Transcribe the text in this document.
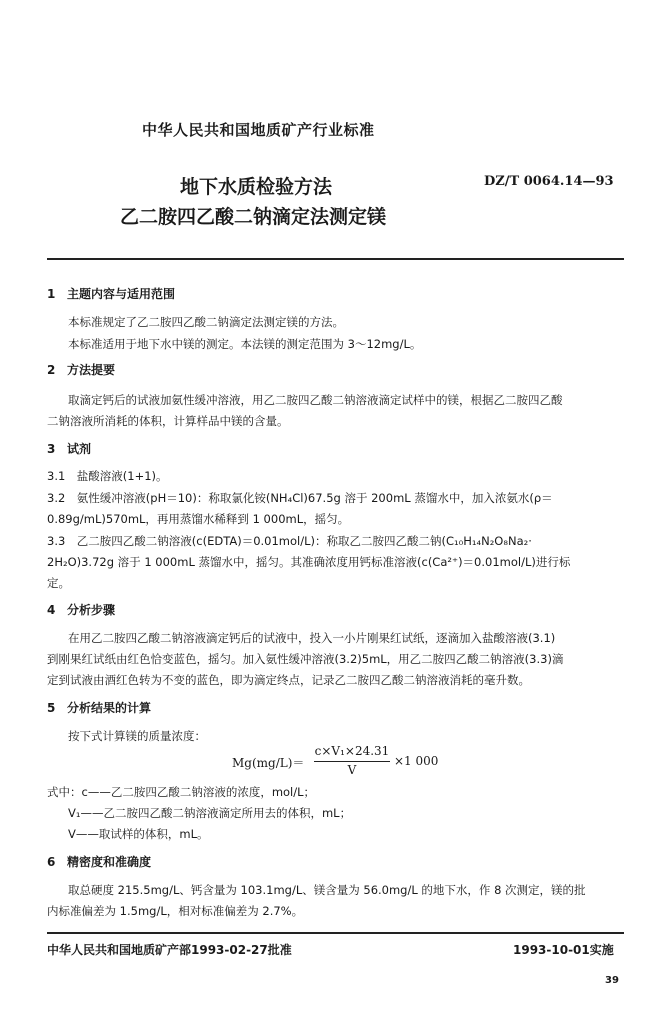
中华人民共和国地质矿产行业标准
地下水质检验方法
乙二胺四乙酸二钠滴定法测定镁
DZ/T 0064.14—93
1 主题内容与适用范围
本标准规定了乙二胺四乙酸二钠滴定法测定镁的方法。
本标准适用于地下水中镁的测定。本法镁的测定范围为 3～12mg/L。
2 方法提要
取滴定钙后的试液加氨性缓冲溶液，用乙二胺四乙酸二钠溶液滴定试样中的镁，根据乙二胺四乙酸
二钠溶液所消耗的体积，计算样品中镁的含量。
3 试剂
3.1　盐酸溶液(1+1)。
3.2　氨性缓冲溶液(pH＝10)：称取氯化铵(NH₄Cl)67.5g 溶于 200mL 蒸馏水中，加入浓氨水(ρ＝
0.89g/mL)570mL，再用蒸馏水稀释到 1 000mL，摇匀。
3.3　乙二胺四乙酸二钠溶液(c(EDTA)＝0.01mol/L)：称取乙二胺四乙酸二钠(C₁₀H₁₄N₂O₈Na₂·
2H₂O)3.72g 溶于 1 000mL 蒸馏水中，摇匀。其准确浓度用钙标准溶液(c(Ca²⁺)＝0.01mol/L)进行标
定。
4 分析步骤
在用乙二胺四乙酸二钠溶液滴定钙后的试液中，投入一小片刚果红试纸，逐滴加入盐酸溶液(3.1)
到刚果红试纸由红色恰变蓝色，摇匀。加入氨性缓冲溶液(3.2)5mL，用乙二胺四乙酸二钠溶液(3.3)滴
定到试液由酒红色转为不变的蓝色，即为滴定终点，记录乙二胺四乙酸二钠溶液消耗的毫升数。
5 分析结果的计算
按下式计算镁的质量浓度：
Mg(mg/L)＝
c×V₁×24.31
V
×1 000
式中：c——乙二胺四乙酸二钠溶液的浓度，mol/L；
V₁——乙二胺四乙酸二钠溶液滴定所用去的体积，mL；
V——取试样的体积，mL。
6 精密度和准确度
取总硬度 215.5mg/L、钙含量为 103.1mg/L、镁含量为 56.0mg/L 的地下水，作 8 次测定，镁的批
内标准偏差为 1.5mg/L，相对标准偏差为 2.7%。
中华人民共和国地质矿产部1993-02-27批准	1993-10-01实施
39
